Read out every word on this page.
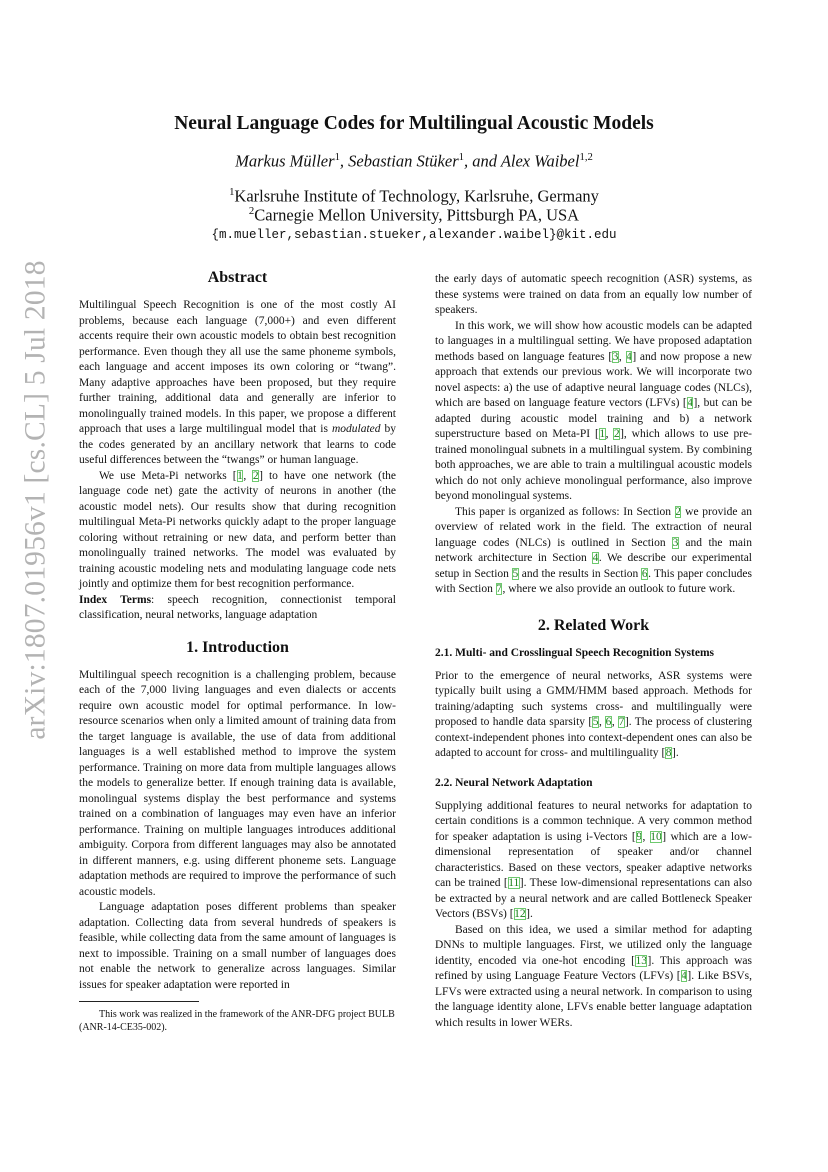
Neural Language Codes for Multilingual Acoustic Models
Markus Müller$^1$, Sebastian Stüker$^1$, and Alex Waibel$^{1,2}$
$^1$Karlsruhe Institute of Technology, Karlsruhe, Germany
$^2$Carnegie Mellon University, Pittsburgh PA, USA
{m.mueller,sebastian.stueker,alexander.waibel}@kit.edu
arXiv:1807.01956v1 [cs.CL] 5 Jul 2018	Abstract

Multilingual Speech Recognition is one of the most costly AI problems, because each language (7,000+) and even different accents require their own acoustic models to obtain best recognition performance. Even though they all use the same phoneme symbols, each language and accent imposes its own coloring or “twang”. Many adaptive approaches have been proposed, but they require further training, additional data and generally are inferior to monolingually trained models. In this paper, we propose a different approach that uses a large multilingual model that is modulated by the codes generated by an ancillary network that learns to code useful differences between the “twangs” or human language.

We use Meta-Pi networks [1, 2] to have one network (the language code net) gate the activity of neurons in another (the acoustic model nets). Our results show that during recognition multilingual Meta-Pi networks quickly adapt to the proper language coloring without retraining or new data, and perform better than monolingually trained networks. The model was evaluated by training acoustic modeling nets and modulating language code nets jointly and optimize them for best recognition performance.

Index Terms: speech recognition, connectionist temporal classification, neural networks, language adaptation

1. Introduction

Multilingual speech recognition is a challenging problem, because each of the 7,000 living languages and even dialects or accents require own acoustic model for optimal performance. In low-resource scenarios when only a limited amount of training data from the target language is available, the use of data from additional languages is a well established method to improve the system performance. Training on more data from multiple languages allows the models to generalize better. If enough training data is available, monolingual systems display the best performance and systems trained on a combination of languages may even have an inferior performance. Training on multiple languages introduces additional ambiguity. Corpora from different languages may also be annotated in different manners, e.g. using different phoneme sets. Language adaptation methods are required to improve the performance of such acoustic models.

Language adaptation poses different problems than speaker adaptation. Collecting data from several hundreds of speakers is feasible, while collecting data from the same amount of languages is next to impossible. Training on a small number of languages does not enable the network to generalize across languages. Similar issues for speaker adaptation were reported in

This work was realized in the framework of the ANR-DFG project BULB (ANR-14-CE35-002).

the early days of automatic speech recognition (ASR) systems, as these systems were trained on data from an equally low number of speakers.

In this work, we will show how acoustic models can be adapted to languages in a multilingual setting. We have proposed adaptation methods based on language features [3, 4] and now propose a new approach that extends our previous work. We will incorporate two novel aspects: a) the use of adaptive neural language codes (NLCs), which are based on language feature vectors (LFVs) [4], but can be adapted during acoustic model training and b) a network superstructure based on Meta-PI [1, 2], which allows to use pre-trained monolingual subnets in a multilingual system. By combining both approaches, we are able to train a multilingual acoustic models which do not only achieve monolingual performance, also improve beyond monolingual systems.

This paper is organized as follows: In Section 2 we provide an overview of related work in the field. The extraction of neural language codes (NLCs) is outlined in Section 3 and the main network architecture in Section 4. We describe our experimental setup in Section 5 and the results in Section 6. This paper concludes with Section 7, where we also provide an outlook to future work.

2. Related Work
2.1. Multi- and Crosslingual Speech Recognition Systems

Prior to the emergence of neural networks, ASR systems were typically built using a GMM/HMM based approach. Methods for training/adapting such systems cross- and multilingually were proposed to handle data sparsity [5, 6, 7]. The process of clustering context-independent phones into context-dependent ones can also be adapted to account for cross- and multilinguality [8].

2.2. Neural Network Adaptation

Supplying additional features to neural networks for adaptation to certain conditions is a common technique. A very common method for speaker adaptation is using i-Vectors [9, 10] which are a low-dimensional representation of speaker and/or channel characteristics. Based on these vectors, speaker adaptive networks can be trained [11]. These low-dimensional representations can also be extracted by a neural network and are called Bottleneck Speaker Vectors (BSVs) [12].

Based on this idea, we used a similar method for adapting DNNs to multiple languages. First, we utilized only the language identity, encoded via one-hot encoding [13]. This approach was refined by using Language Feature Vectors (LFVs) [4]. Like BSVs, LFVs were extracted using a neural network. In comparison to using the language identity alone, LFVs enable better language adaptation which results in lower WERs.
